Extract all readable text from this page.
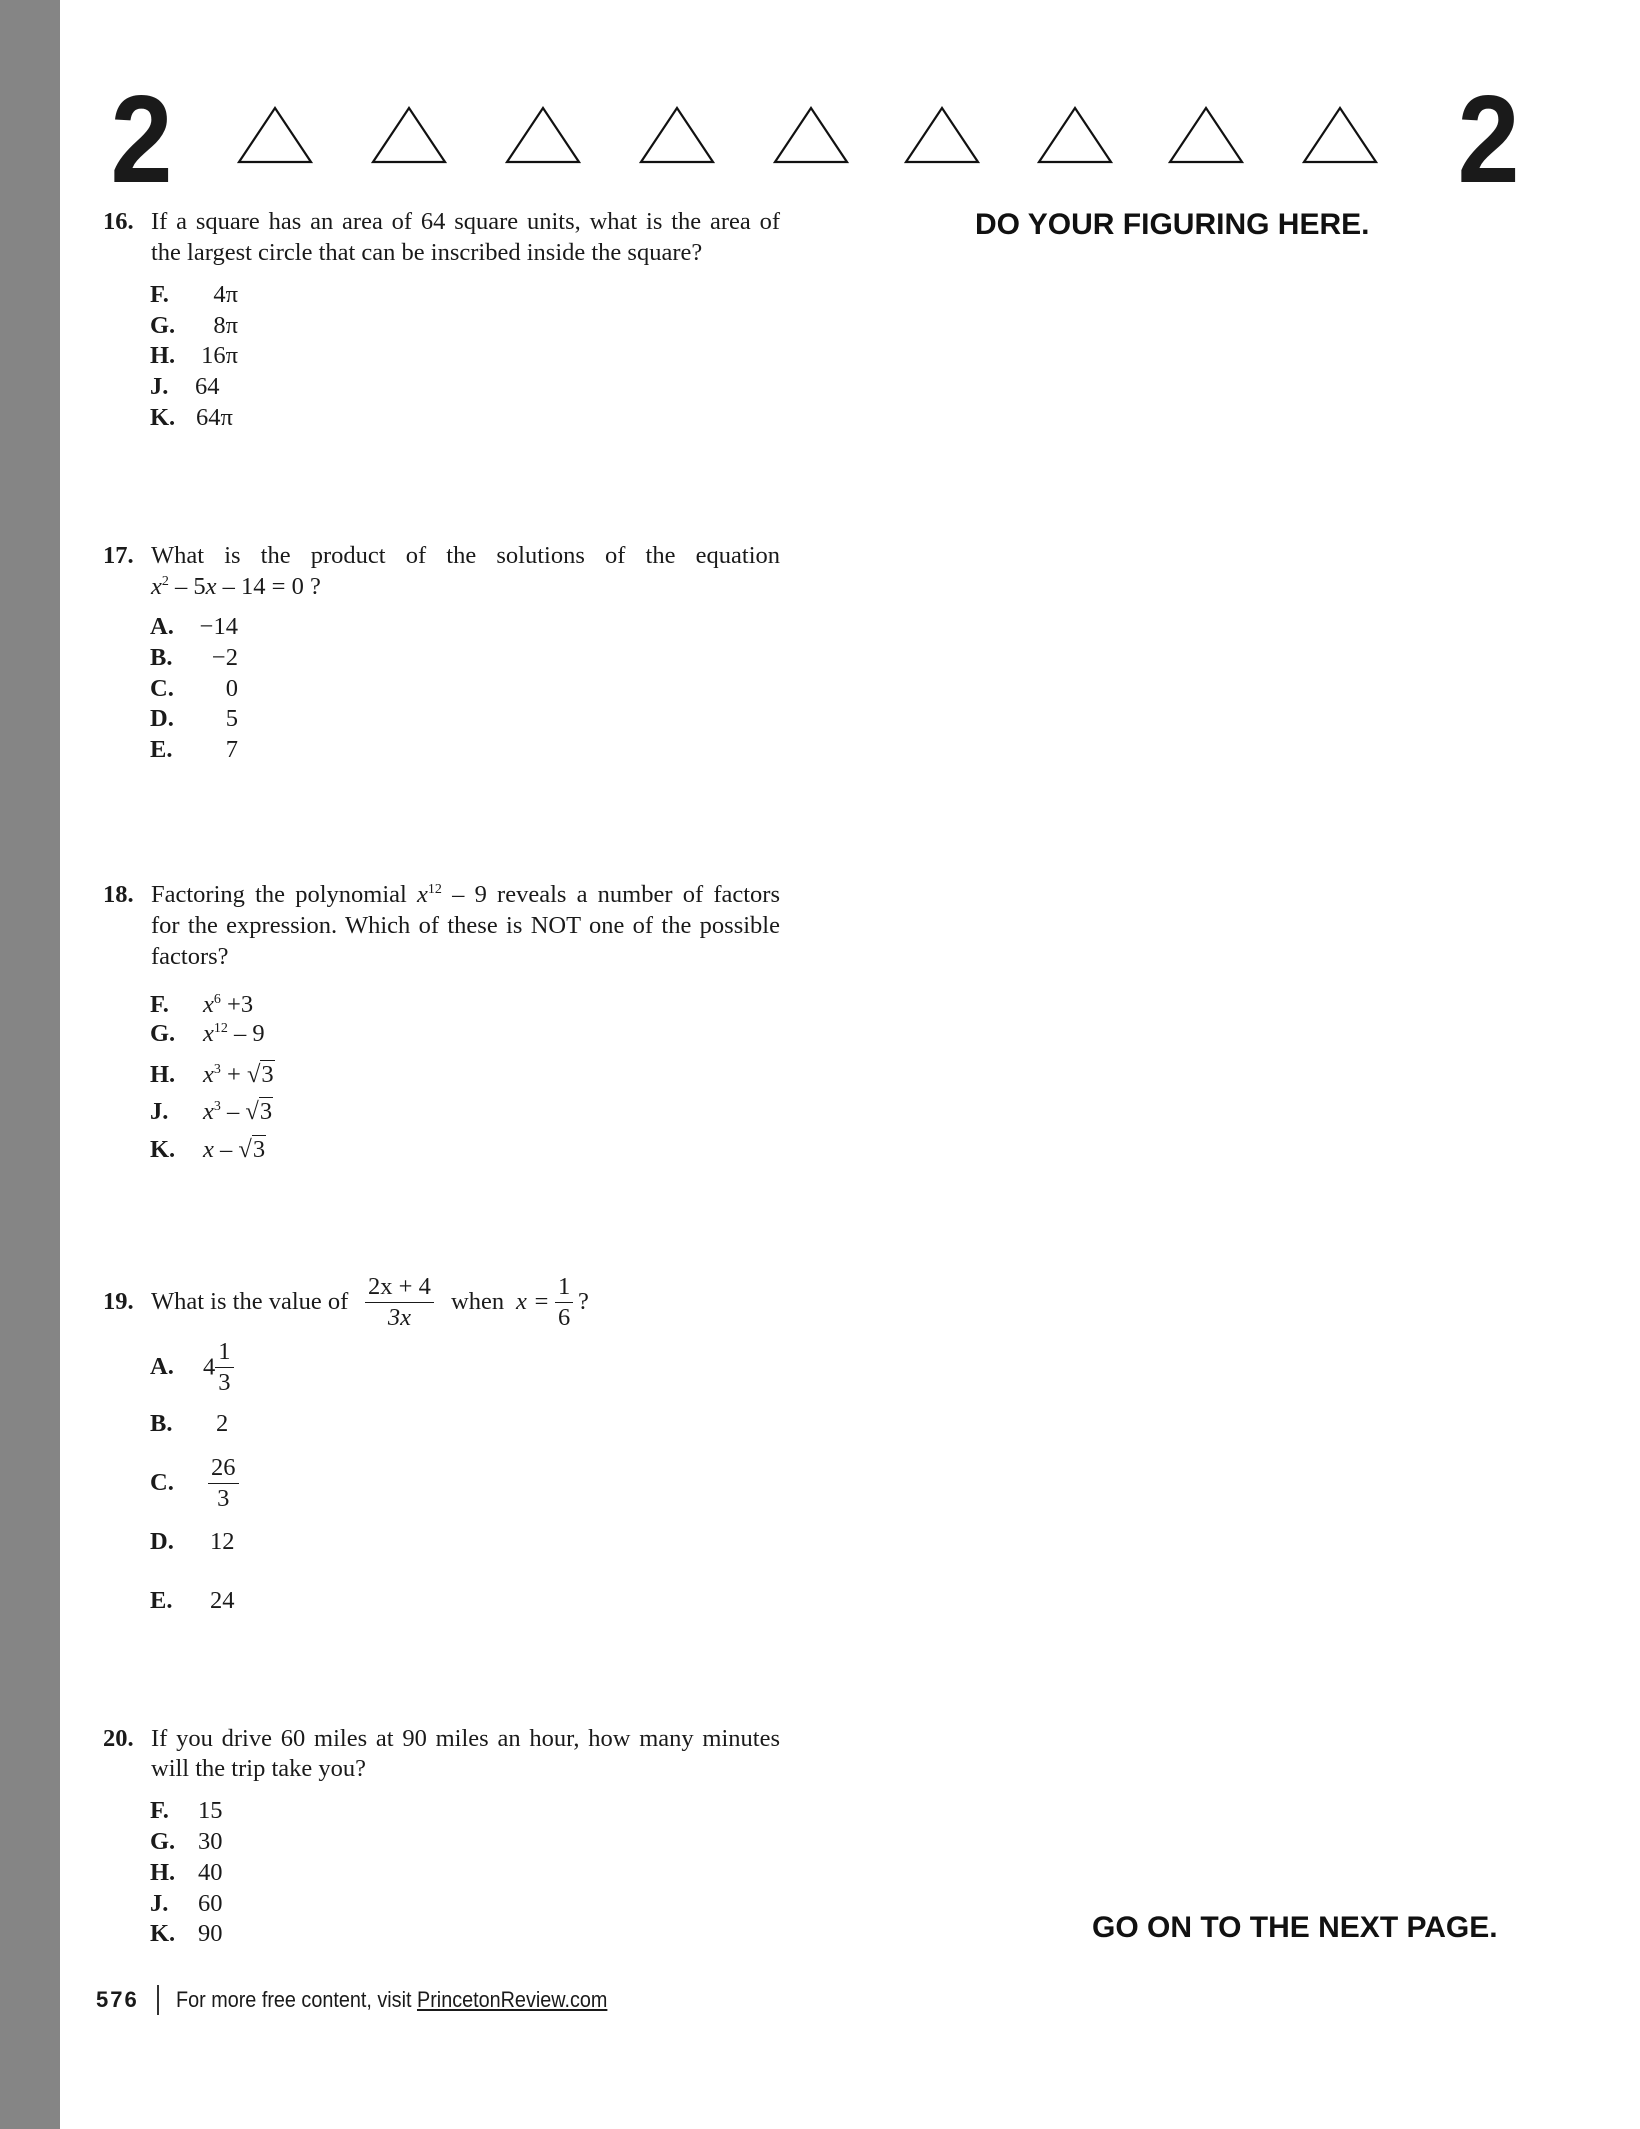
2	2
DO YOUR FIGURING HERE.
16. If a square has an area of 64 square units, what is the area of
the largest circle that can be inscribed inside the square?
F.	4π
G.	8π
H.	16π
J. 64
K. 64π
17. What is the product of the solutions of the equation
$x^2 - 5x - 14 = 0$ ?
A.	−14
B.	−2
C.	0
D.	5
E.	7
18. Factoring the polynomial $x^{12} - 9$ reveals a number of factors
for the expression. Which of these is NOT one of the possible
factors?
F. $x^6 +3$
G. $x^{12} - 9$
H. $x^3 + √3$
J. $x^3 - √3$
K. x – √3
19. What is the value of $\frac{2x + 4}{3x}$ when $x = \frac{1}{6}$ ?
A. $4 \frac{1}{3}$
B. 2
C. $\frac{26}{3}$
D. 12
E. 24
20. If you drive 60 miles at 90 miles an hour, how many minutes
will the trip take you?
F. 15
G. 30
H. 40
J. 60
K. 90	GO ON TO THE NEXT PAGE.
576 For more free content, visit PrincetonReview.com
